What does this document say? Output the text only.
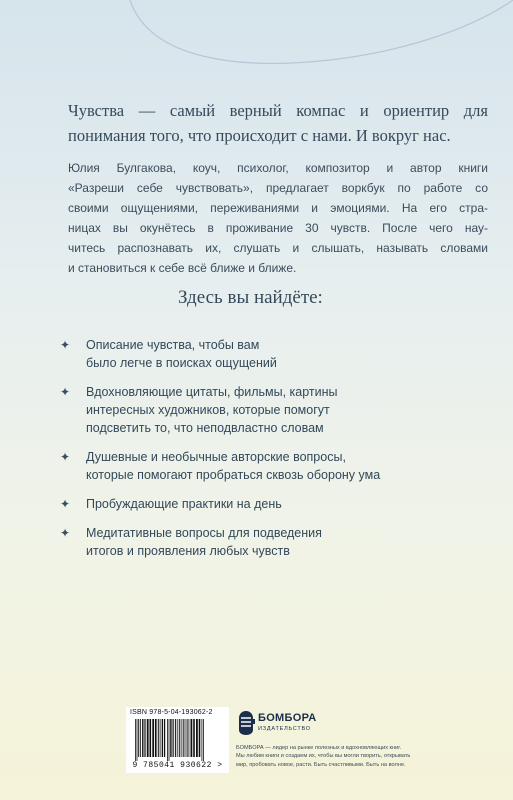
Чувства — самый верный компас и ориентир для
понимания того, что происходит с нами. И вокруг нас.

Юлия Булгакова, коуч, психолог, композитор и автор книги
«Разреши себе чувствовать», предлагает воркбук по работе со
своими ощущениями, переживаниями и эмоциями. На его стра-
ницах вы окунётесь в проживание 30 чувств. После чего нау-
читесь распознавать их, слушать и слышать, называть словами
и становиться к себе всё ближе и ближе.

Здесь вы найдёте:
✦ Описание чувства, чтобы вам
было легче в поисках ощущений
✦ Вдохновляющие цитаты, фильмы, картины
интересных художников, которые помогут
подсветить то, что неподвластно словам
✦ Душевные и необычные авторские вопросы,
которые помогают пробраться сквозь оборону ума
✦ Пробуждающие практики на день
✦ Медитативные вопросы для подведения
итогов и проявления любых чувств
ISBN 978-5-04-193062-2
9 785041 930622 >
БОМБОРА
ИЗДАТЕЛЬСТВО

БОМБОРА — лидер на рынке полезных и вдохновляющих книг.
Мы любим книги и создаем их, чтобы вы могли творить, открывать
мир, пробовать новое, расти. Быть счастливыми. Быть на волне.
